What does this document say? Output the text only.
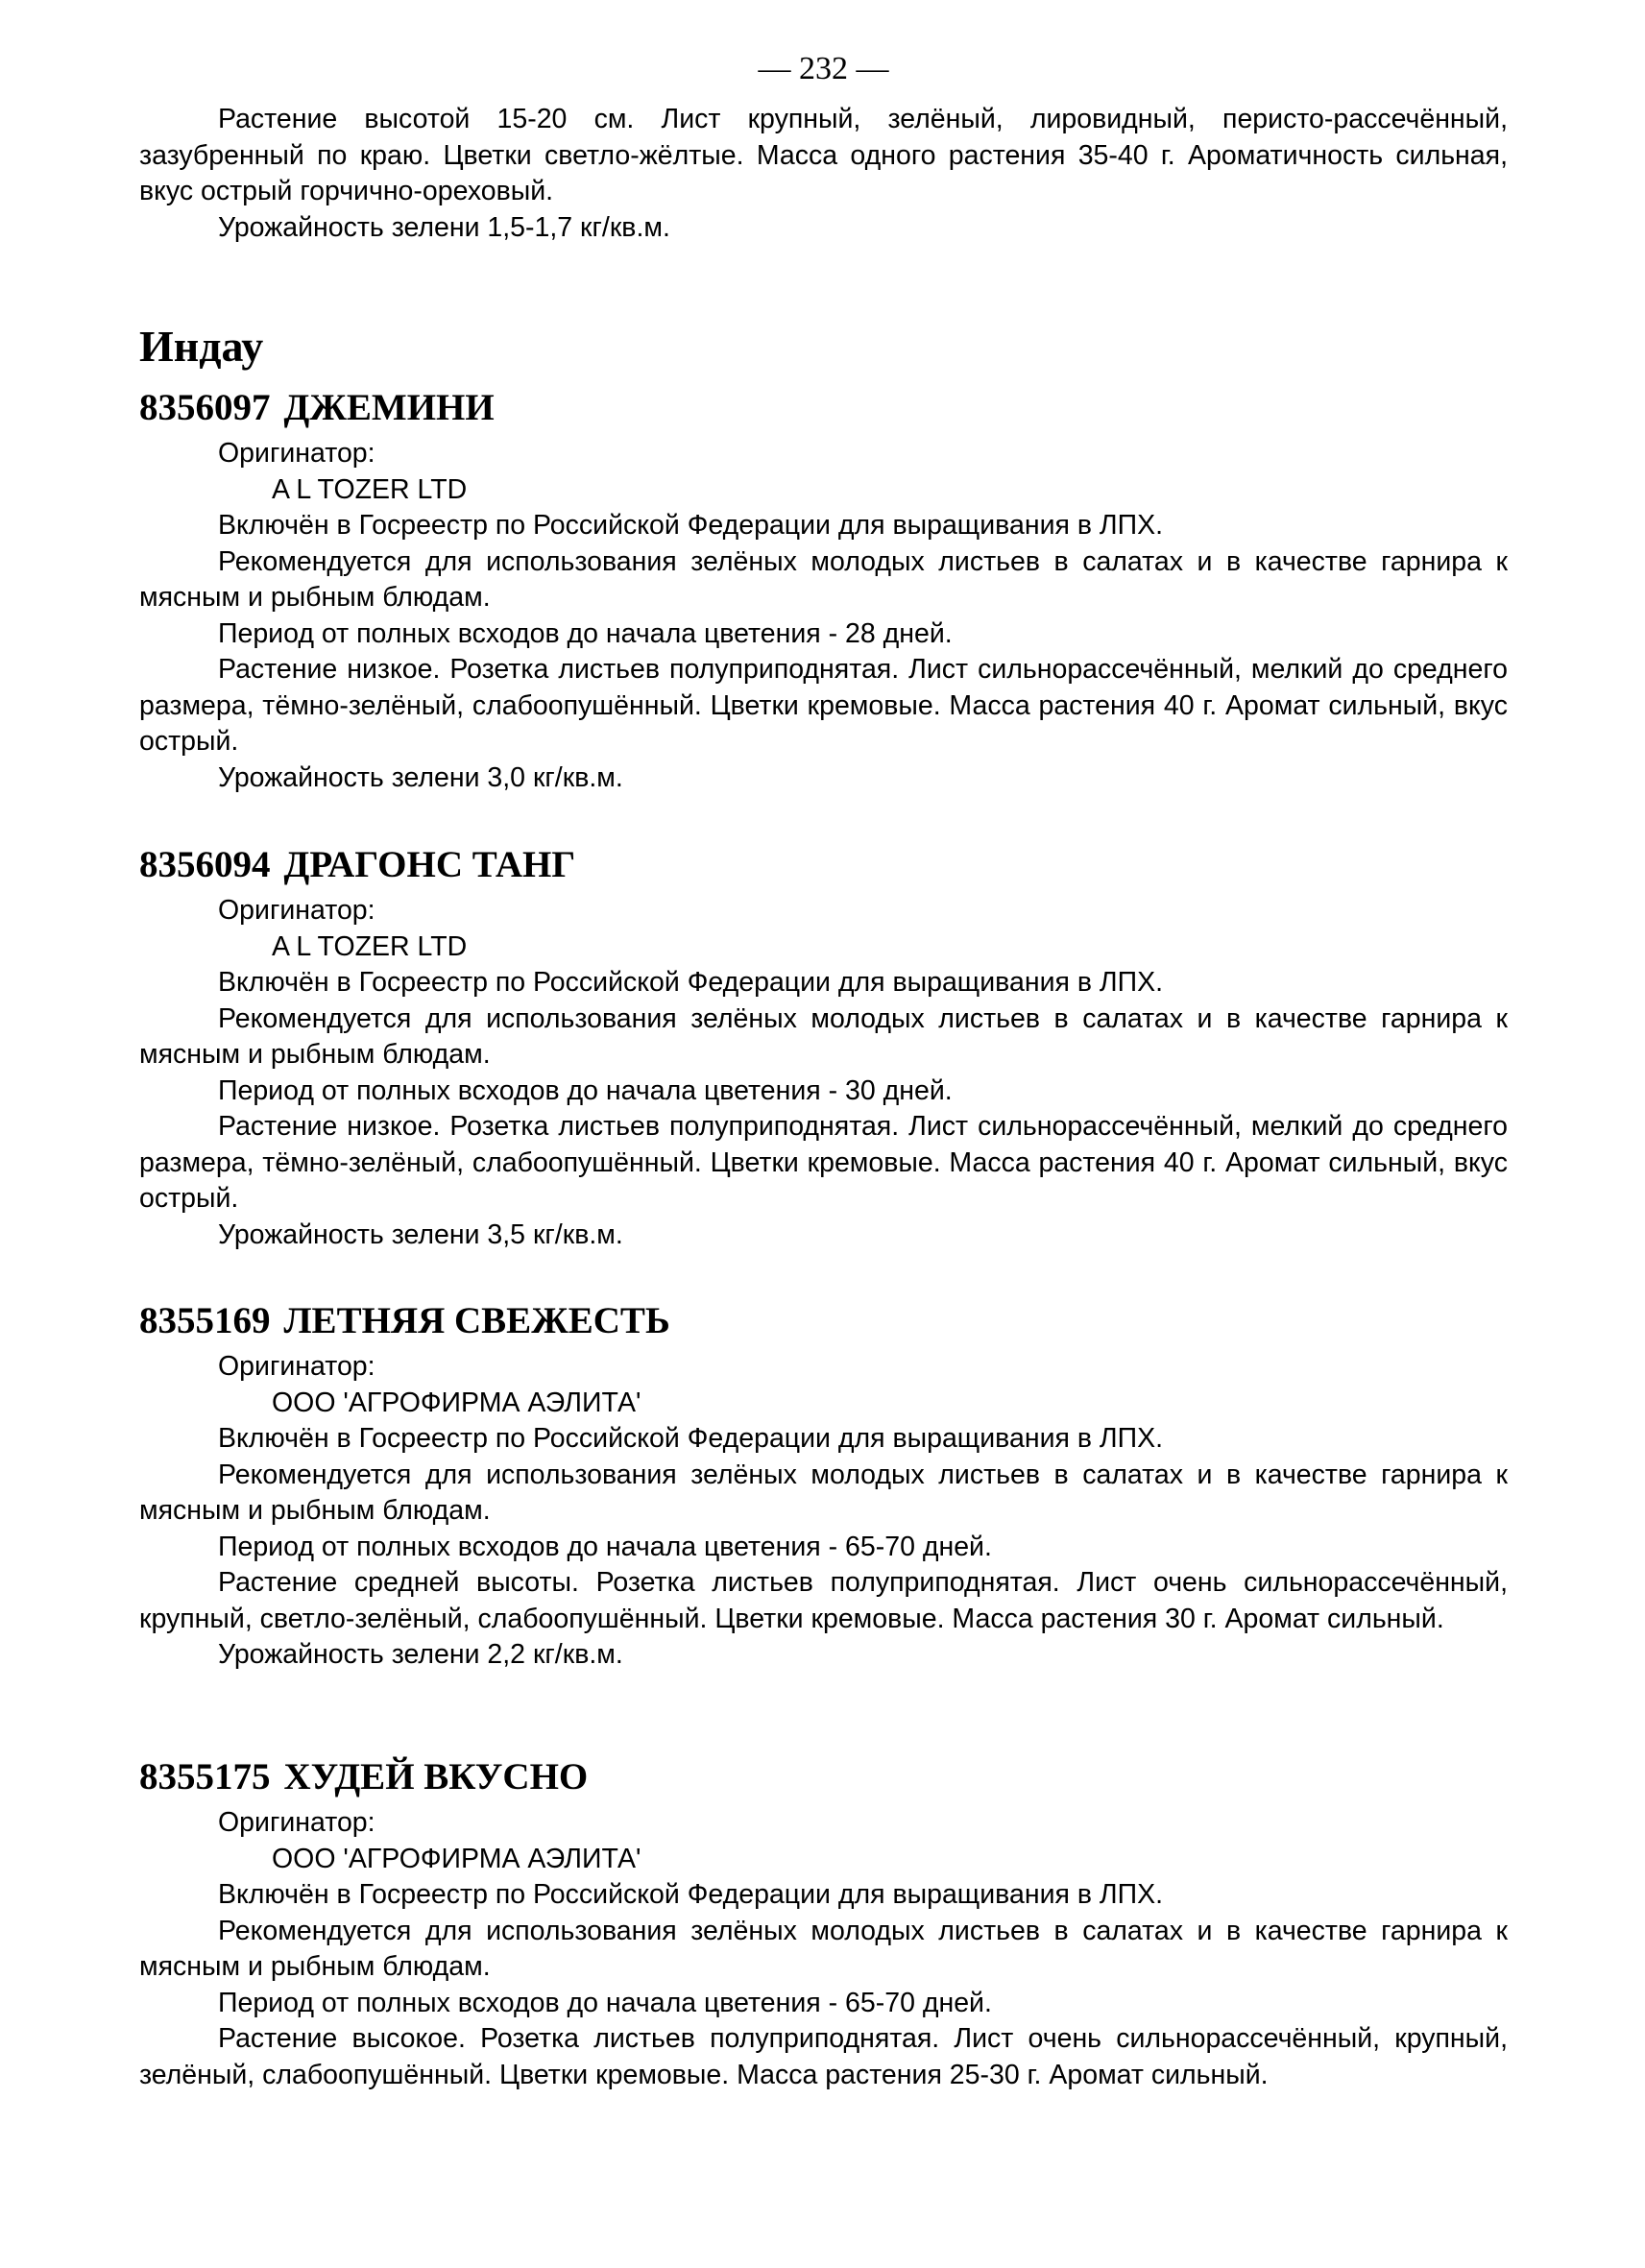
— 232 —

Растение высотой 15-20 см. Лист крупный, зелёный, лировидный, перисто-рассечённый, зазубренный по краю. Цветки светло-жёлтые. Масса одного растения 35-40 г. Ароматичность сильная, вкус острый горчично-ореховый.

Урожайность зелени 1,5-1,7 кг/кв.м.

Индау
8356097 ДЖЕМИНИ

Оригинатор:

A L TOZER LTD

Включён в Госреестр по Российской Федерации для выращивания в ЛПХ.

Рекомендуется для использования зелёных молодых листьев в салатах и в качестве гарнира к мясным и рыбным блюдам.

Период от полных всходов до начала цветения - 28 дней.

Растение низкое. Розетка листьев полуприподнятая. Лист сильнорассечённый, мелкий до среднего размера, тёмно-зелёный, слабоопушённый. Цветки кремовые. Масса растения 40 г. Аромат сильный, вкус острый.

Урожайность зелени 3,0 кг/кв.м.

8356094 ДРАГОНС ТАНГ

Оригинатор:

A L TOZER LTD

Включён в Госреестр по Российской Федерации для выращивания в ЛПХ.

Рекомендуется для использования зелёных молодых листьев в салатах и в качестве гарнира к мясным и рыбным блюдам.

Период от полных всходов до начала цветения - 30 дней.

Растение низкое. Розетка листьев полуприподнятая. Лист сильнорассечённый, мелкий до среднего размера, тёмно-зелёный, слабоопушённый. Цветки кремовые. Масса растения 40 г. Аромат сильный, вкус острый.

Урожайность зелени 3,5 кг/кв.м.

8355169 ЛЕТНЯЯ СВЕЖЕСТЬ

Оригинатор:

ООО 'АГРОФИРМА АЭЛИТА'

Включён в Госреестр по Российской Федерации для выращивания в ЛПХ.

Рекомендуется для использования зелёных молодых листьев в салатах и в качестве гарнира к мясным и рыбным блюдам.

Период от полных всходов до начала цветения - 65-70 дней.

Растение средней высоты. Розетка листьев полуприподнятая. Лист очень сильнорассечённый, крупный, светло-зелёный, слабоопушённый. Цветки кремовые. Масса растения 30 г. Аромат сильный.

Урожайность зелени 2,2 кг/кв.м.

8355175 ХУДЕЙ ВКУСНО

Оригинатор:

ООО 'АГРОФИРМА АЭЛИТА'

Включён в Госреестр по Российской Федерации для выращивания в ЛПХ.

Рекомендуется для использования зелёных молодых листьев в салатах и в качестве гарнира к мясным и рыбным блюдам.

Период от полных всходов до начала цветения - 65-70 дней.

Растение высокое. Розетка листьев полуприподнятая. Лист очень сильнорассечённый, крупный, зелёный, слабоопушённый. Цветки кремовые. Масса растения 25-30 г. Аромат сильный.
